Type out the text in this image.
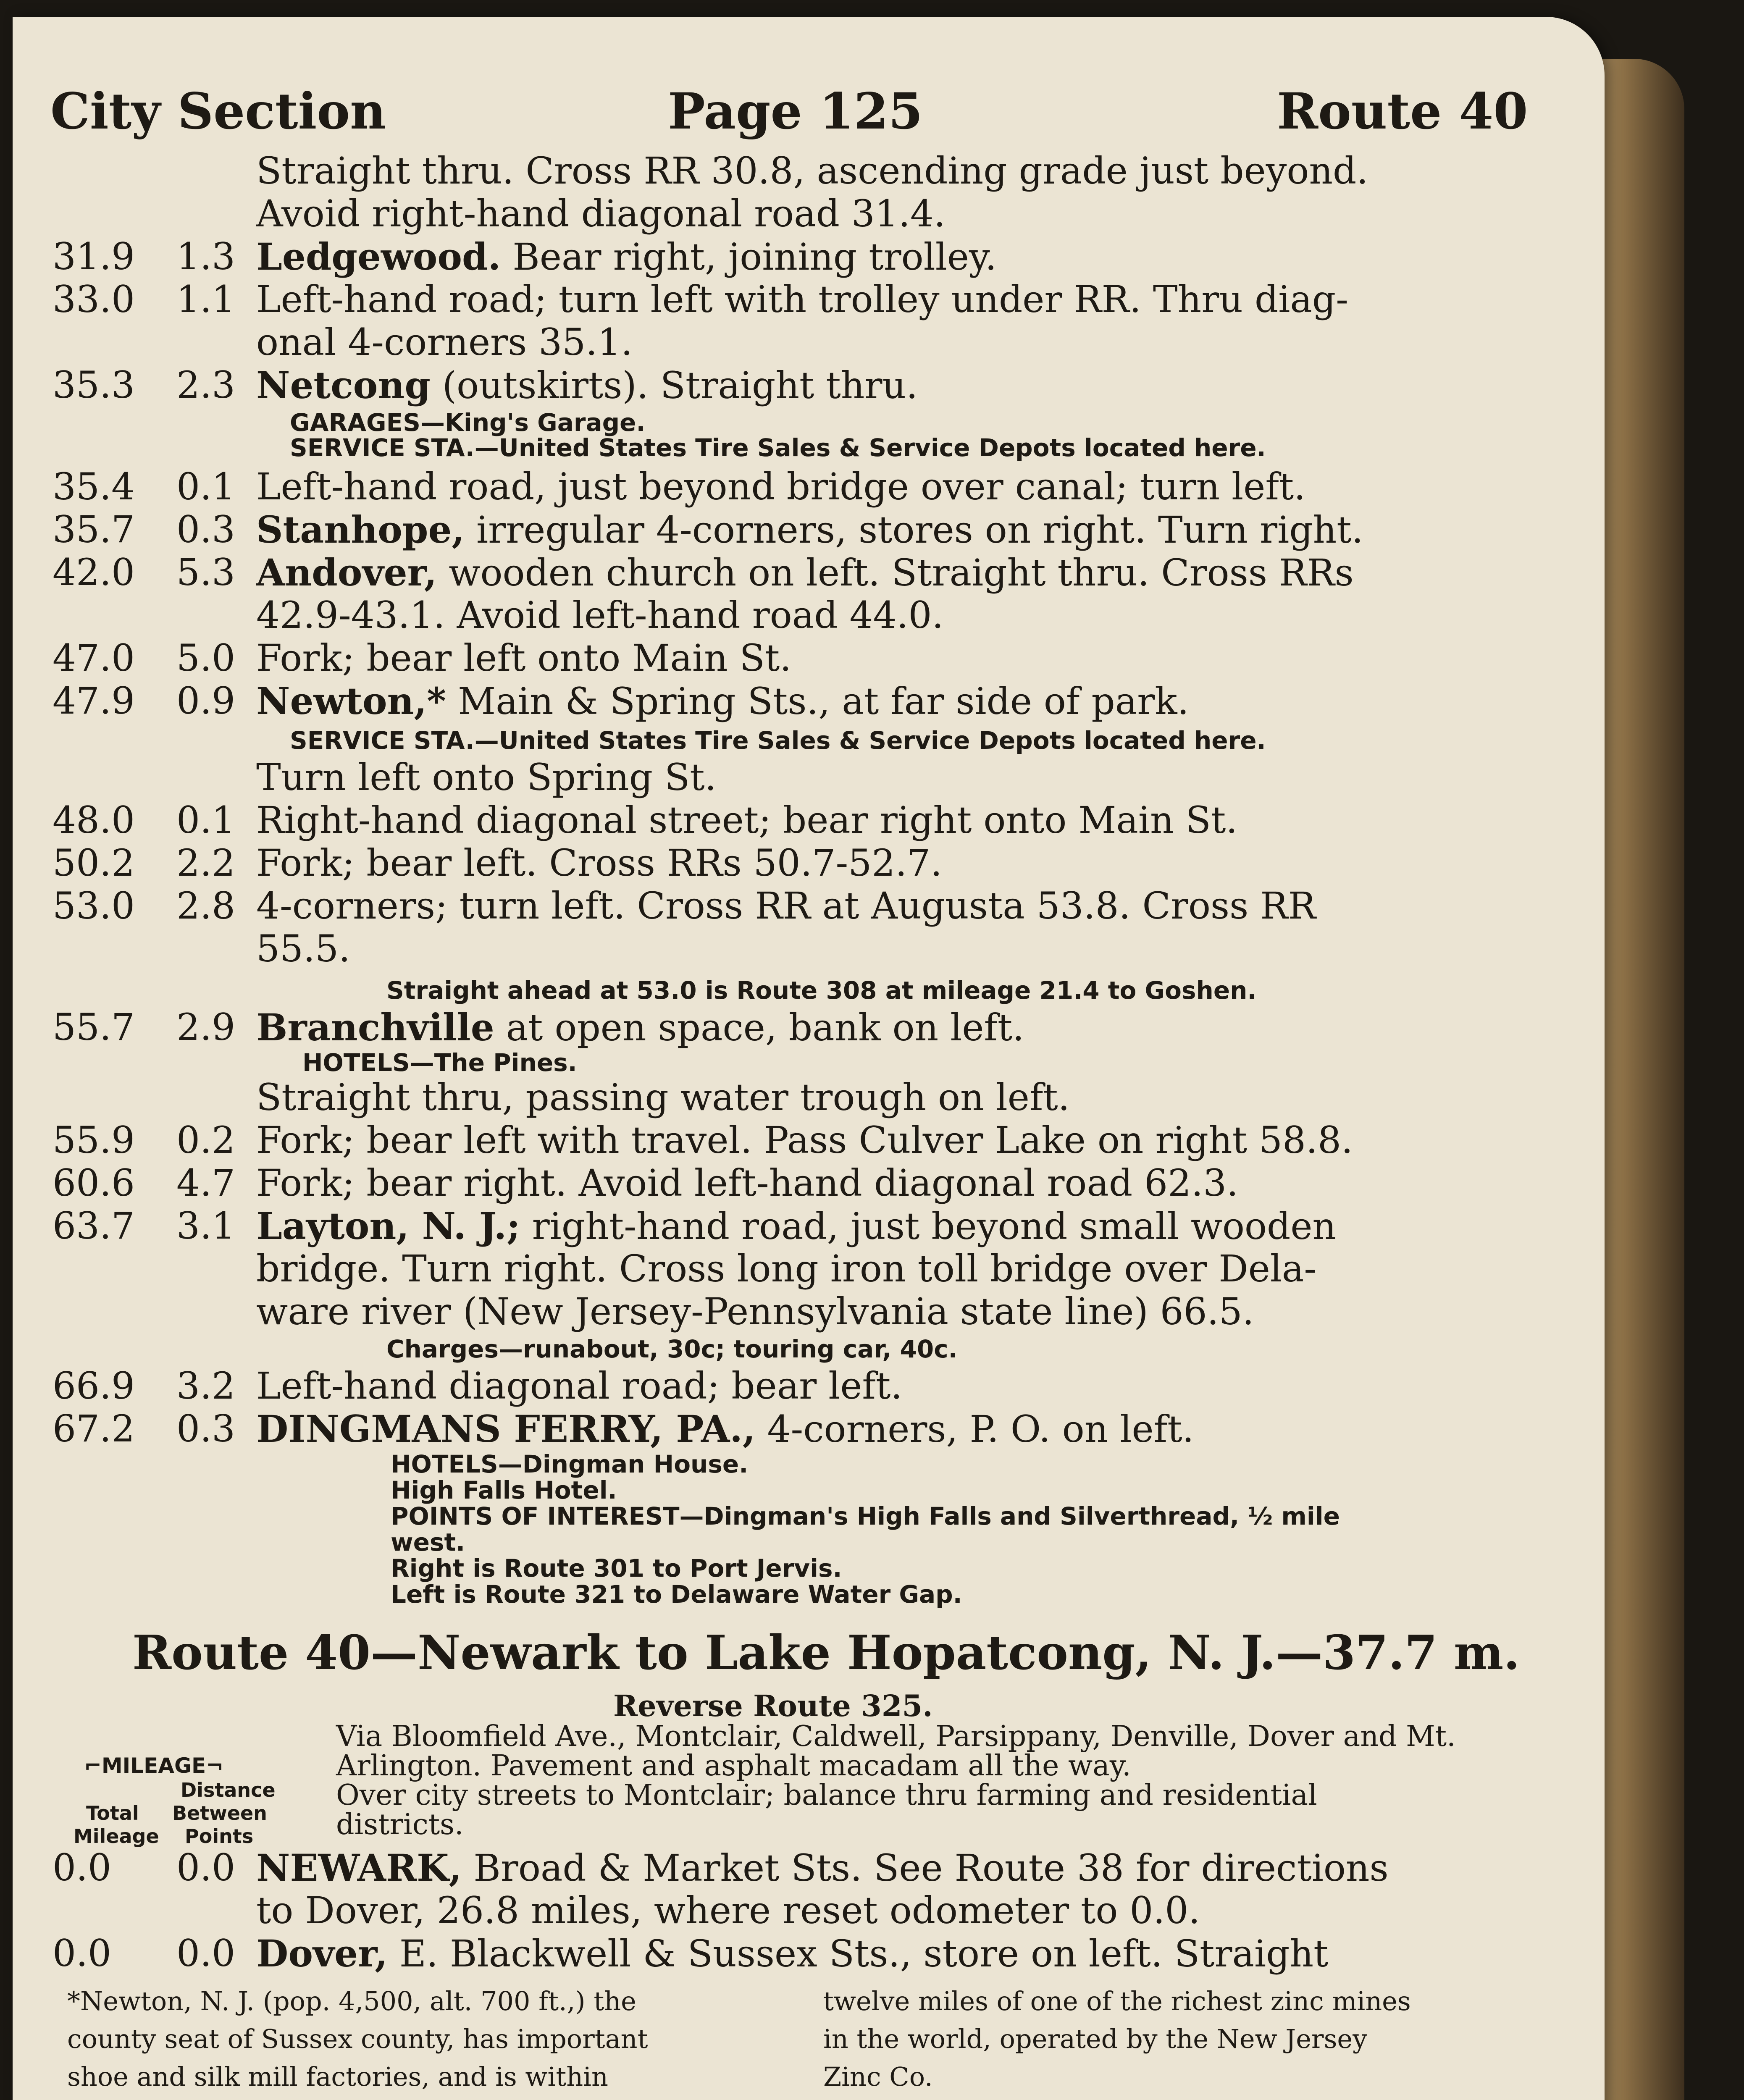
City Section	Page 125	Route 40
Straight thru. Cross RR 30.8, ascending grade just beyond.
Avoid right-hand diagonal road 31.4.
31.9 1.3 Ledgewood. Bear right, joining trolley.
33.0 1.1 Left-hand road; turn left with trolley under RR. Thru diag-
onal 4-corners 35.1.
35.3 2.3 Netcong (outskirts). Straight thru.
GARAGES—King's Garage.
SERVICE STA.—United States Tire Sales & Service Depots located here.
35.4 0.1 Left-hand road, just beyond bridge over canal; turn left.
35.7 0.3 Stanhope, irregular 4-corners, stores on right. Turn right.
42.0 5.3 Andover, wooden church on left. Straight thru. Cross RRs
42.9-43.1. Avoid left-hand road 44.0.
47.0 5.0 Fork; bear left onto Main St.
47.9 0.9 Newton,* Main & Spring Sts., at far side of park.
SERVICE STA.—United States Tire Sales & Service Depots located here.
Turn left onto Spring St.
48.0 0.1 Right-hand diagonal street; bear right onto Main St.
50.2 2.2 Fork; bear left. Cross RRs 50.7-52.7.
53.0 2.8 4-corners; turn left. Cross RR at Augusta 53.8. Cross RR
55.5.
Straight ahead at 53.0 is Route 308 at mileage 21.4 to Goshen.
55.7 2.9 Branchville at open space, bank on left.
HOTELS—The Pines.
Straight thru, passing water trough on left.
55.9 0.2 Fork; bear left with travel. Pass Culver Lake on right 58.8.
60.6 4.7 Fork; bear right. Avoid left-hand diagonal road 62.3.
63.7 3.1 Layton, N. J.; right-hand road, just beyond small wooden
bridge. Turn right. Cross long iron toll bridge over Dela-
ware river (New Jersey-Pennsylvania state line) 66.5.
Charges—runabout, 30c; touring car, 40c.
66.9 3.2 Left-hand diagonal road; bear left.
67.2 0.3 DINGMANS FERRY, PA., 4-corners, P. O. on left.
HOTELS—Dingman House.
High Falls Hotel.
POINTS OF INTEREST—Dingman's High Falls and Silverthread, ½ mile
west.
Right is Route 301 to Port Jervis.
Left is Route 321 to Delaware Water Gap.
0.0	0.0 NEWARK, Broad & Market Sts. See Route 38 for directions
to Dover, 26.8 miles, where reset odometer to 0.0.
0.0	0.0 Dover, E. Blackwell & Sussex Sts., store on left. Straight
Route 40—Newark to Lake Hopatcong, N. J.—37.7 m.
Reverse Route 325.
Via Bloomfield Ave., Montclair, Caldwell, Parsippany, Denville, Dover and Mt.
Arlington. Pavement and asphalt macadam all the way.
Over city streets to Montclair; balance thru farming and residential
districts.
⌐MILEAGE¬
Distance
Total Between
Mileage Points
*Newton, N. J. (pop. 4,500, alt. 700 ft.,) the
county seat of Sussex county, has important
shoe and silk mill factories, and is within
twelve miles of one of the richest zinc mines
in the world, operated by the New Jersey
Zinc Co.
